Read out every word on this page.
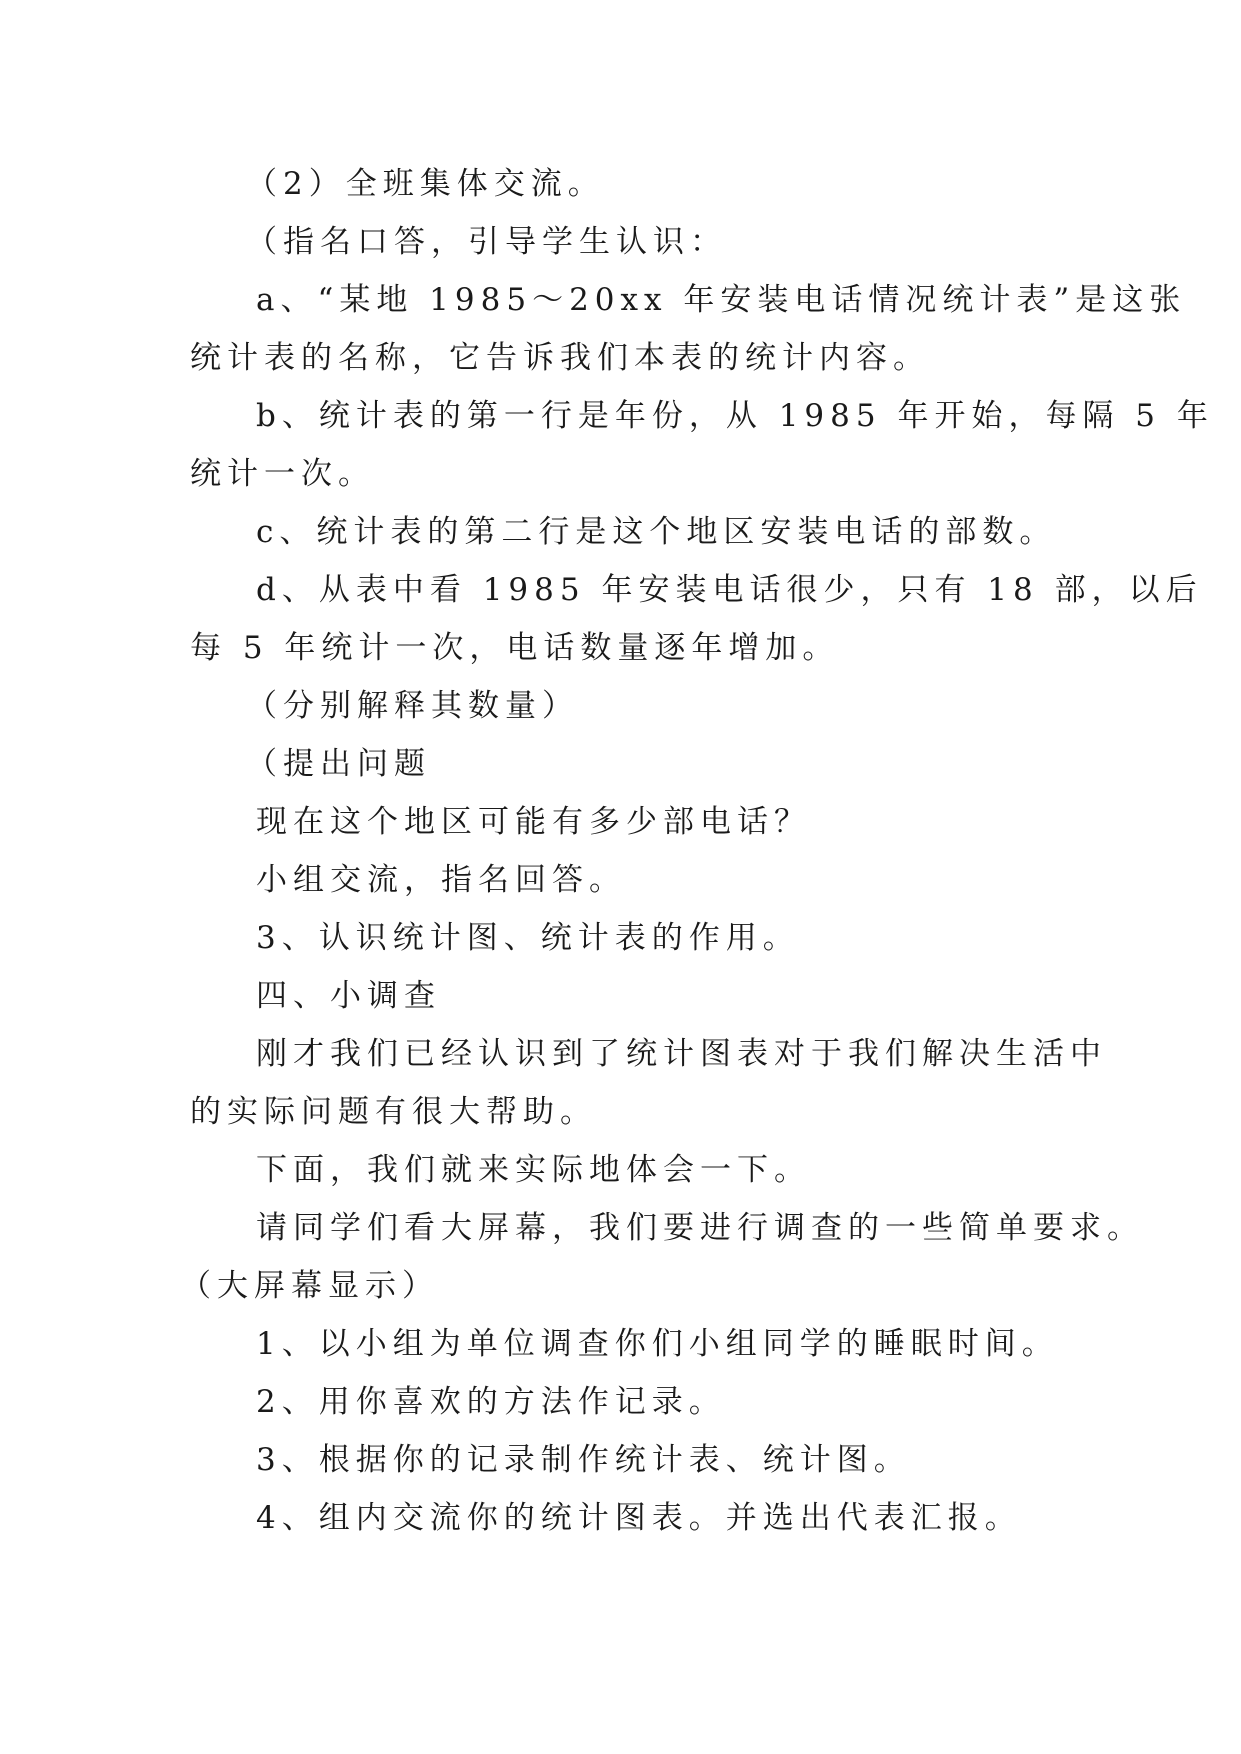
（2）全班集体交流。
（指名口答，引导学生认识：
a、“某地 1985～20xx 年安装电话情况统计表”是这张
统计表的名称，它告诉我们本表的统计内容。
b、统计表的第一行是年份，从 1985 年开始，每隔 5 年
统计一次。
c、统计表的第二行是这个地区安装电话的部数。
d、从表中看 1985 年安装电话很少，只有 18 部，以后
每 5 年统计一次，电话数量逐年增加。
（分别解释其数量）
（提出问题
现在这个地区可能有多少部电话？
小组交流，指名回答。
3、认识统计图、统计表的作用。
四、小调查
刚才我们已经认识到了统计图表对于我们解决生活中
的实际问题有很大帮助。
下面，我们就来实际地体会一下。
请同学们看大屏幕，我们要进行调查的一些简单要求。
（大屏幕显示）
1、以小组为单位调查你们小组同学的睡眠时间。
2、用你喜欢的方法作记录。
3、根据你的记录制作统计表、统计图。
4、组内交流你的统计图表。并选出代表汇报。
